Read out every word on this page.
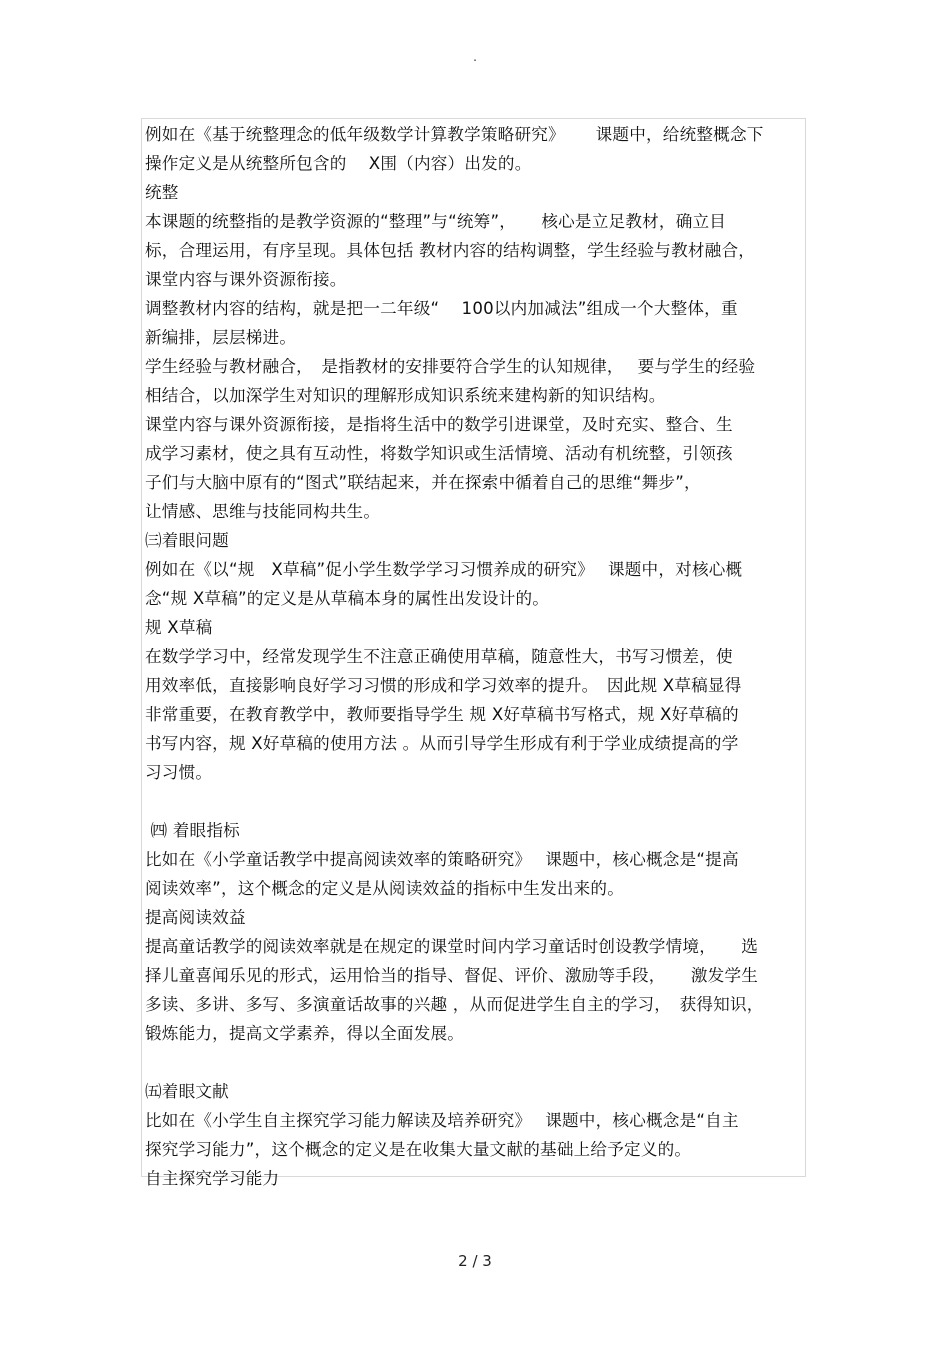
.
例如在《基于统整理念的低年级数学计算教学策略研究》　　 课题中，给统整概念下
操作定义是从统整所包含的　 X围（内容）出发的。
统整
本课题的统整指的是教学资源的“整理”与“统筹”，　　核心是立足教材，确立目
标，合理运用，有序呈现。具体包括 教材内容的结构调整，学生经验与教材融合，
课堂内容与课外资源衔接。
调整教材内容的结构，就是把一二年级“　 100以内加减法”组成一个大整体，重
新编排，层层梯进。
学生经验与教材融合，　是指教材的安排要符合学生的认知规律，　 要与学生的经验
相结合，以加深学生对知识的理解形成知识系统来建构新的知识结构。
课堂内容与课外资源衔接，是指将生活中的数学引进课堂，及时充实、整合、生
成学习素材，使之具有互动性，将数学知识或生活情境、活动有机统整，引领孩
子们与大脑中原有的“图式”联结起来，并在探索中循着自己的思维“舞步”，
让情感、思维与技能同构共生。
㈢着眼问题
例如在《以“规　X草稿”促小学生数学学习习惯养成的研究》　 课题中，对核心概
念“规 X草稿”的定义是从草稿本身的属性出发设计的。
规 X草稿
在数学学习中，经常发现学生不注意正确使用草稿，随意性大，书写习惯差，使
用效率低，直接影响良好学习习惯的形成和学习效率的提升。　因此规 X草稿显得
非常重要，在教育教学中，教师要指导学生 规 X好草稿书写格式，规 X好草稿的
书写内容，规 X好草稿的使用方法 。从而引导学生形成有利于学业成绩提高的学
习习惯。
㈣ 着眼指标
比如在《小学童话教学中提高阅读效率的策略研究》　 课题中，核心概念是“提高
阅读效率”，这个概念的定义是从阅读效益的指标中生发出来的。
提高阅读效益
提高童话教学的阅读效率就是在规定的课堂时间内学习童话时创设教学情境，　　选
择儿童喜闻乐见的形式，运用恰当的指导、督促、评价、激励等手段，　　激发学生
多读、多讲、多写、多演童话故事的兴趣 ，从而促进学生自主的学习，　获得知识，
锻炼能力，提高文学素养，得以全面发展。
㈤着眼文献
比如在《小学生自主探究学习能力解读及培养研究》　 课题中，核心概念是“自主
探究学习能力”，这个概念的定义是在收集大量文献的基础上给予定义的。
自主探究学习能力
2 / 3
